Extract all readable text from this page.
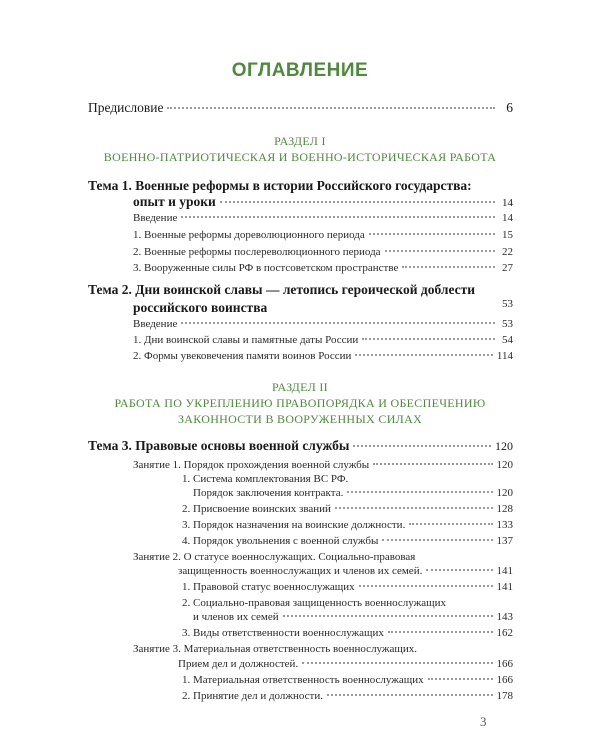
ОГЛАВЛЕНИЕ
Предисловие	6
РАЗДЕЛ I
ВОЕННО-ПАТРИОТИЧЕСКАЯ И ВОЕННО-ИСТОРИЧЕСКАЯ РАБОТА
Тема 1. Военные реформы в истории Российского государства:
опыт и уроки	14
Введение	14
1. Военные реформы дореволюционного периода	15
2. Военные реформы послереволюционного периода	22
3. Вооруженные силы РФ в постсоветском пространстве	27
Тема 2. Дни воинской славы — летопись героической доблести
российского воинства	53
Введение	53
1. Дни воинской славы и памятные даты России	54
2. Формы увековечения памяти воинов России	114
РАЗДЕЛ II
РАБОТА ПО УКРЕПЛЕНИЮ ПРАВОПОРЯДКА И ОБЕСПЕЧЕНИЮ
ЗАКОННОСТИ В ВООРУЖЕННЫХ СИЛАХ
Тема 3. Правовые основы военной службы	120
Занятие 1. Порядок прохождения военной службы	120
1. Система комплектования ВС РФ.
Порядок заключения контракта.	120
2. Присвоение воинских званий	128
3. Порядок назначения на воинские должности.	133
4. Порядок увольнения с военной службы	137
Занятие 2. О статусе военнослужащих. Социально-правовая
защищенность военнослужащих и членов их семей.	141
1. Правовой статус военнослужащих	141
2. Социально-правовая защищенность военнослужащих
и членов их семей	143
3. Виды ответственности военнослужащих	162
Занятие 3. Материальная ответственность военнослужащих.
Прием дел и должностей.	166
1. Материальная ответственность военнослужащих	166
2. Принятие дел и должности.	178
3
